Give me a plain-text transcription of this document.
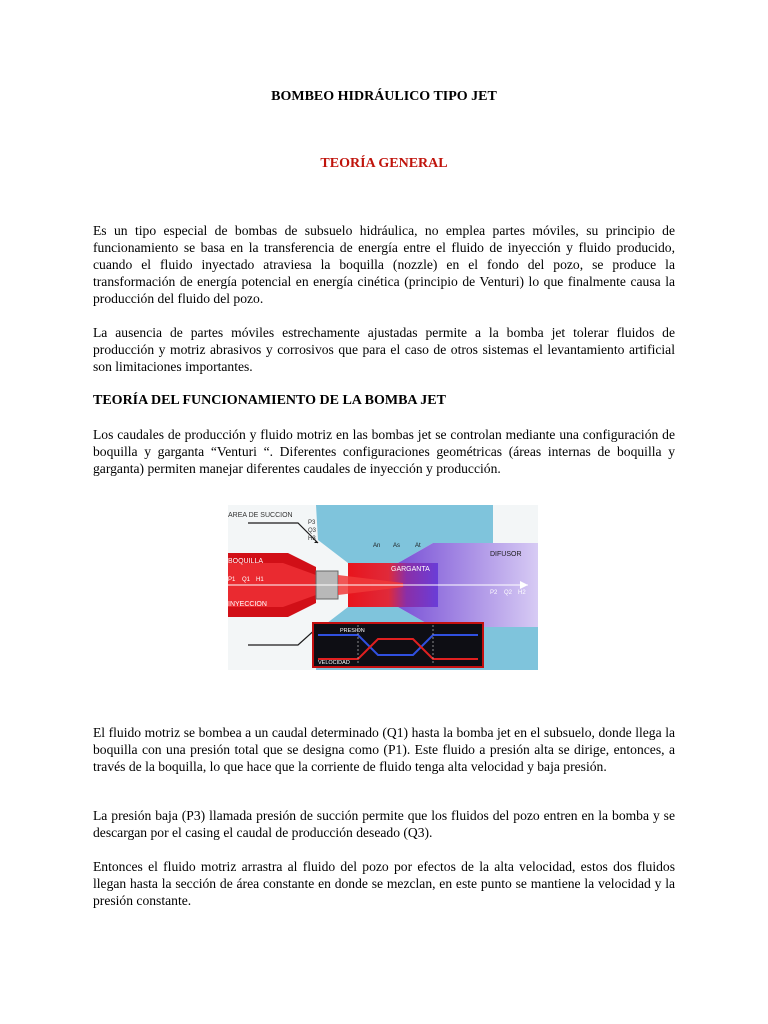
BOMBEO HIDRÁULICO TIPO JET
TEORÍA GENERAL
Es un tipo especial de bombas de subsuelo hidráulica, no emplea partes móviles, su principio de funcionamiento se basa en la transferencia de energía entre el fluido de inyección y fluido producido, cuando el fluido inyectado atraviesa la boquilla (nozzle) en el fondo del pozo, se produce la transformación de energía potencial en energía cinética (principio de Venturi) lo que finalmente causa la producción del fluido del pozo.
La ausencia de partes móviles estrechamente ajustadas permite a la bomba jet tolerar fluidos de producción y motriz abrasivos y corrosivos que para el caso de otros sistemas el levantamiento artificial son limitaciones importantes.
TEORÍA DEL FUNCIONAMIENTO DE LA BOMBA JET
Los caudales de producción y fluido motriz en las bombas jet se controlan mediante una configuración de boquilla y garganta “Venturi “. Diferentes configuraciones geométricas (áreas internas de boquilla y garganta) permiten manejar diferentes caudales de inyección y producción.
AREA DE SUCCION
P3
Q3
H3
BOQUILLA
P1 Q1 H1
INYECCION
An As At
GARGANTA
DIFUSOR
P2 Q2 H2
PRESION
VELOCIDAD
El fluido motriz se bombea a un caudal determinado (Q1) hasta la bomba jet en el subsuelo, donde llega la boquilla con una presión total que se designa como (P1). Este fluido a presión alta se dirige, entonces, a través de la boquilla, lo que hace que la corriente de fluido tenga alta velocidad y baja presión.
La presión baja (P3) llamada presión de succión permite que los fluidos del pozo entren en la bomba y se descargan por el casing el caudal de producción deseado (Q3).
Entonces el fluido motriz arrastra al fluido del pozo por efectos de la alta velocidad, estos dos fluidos llegan hasta la sección de área constante en donde se mezclan, en este punto se mantiene la velocidad y la presión constante.
